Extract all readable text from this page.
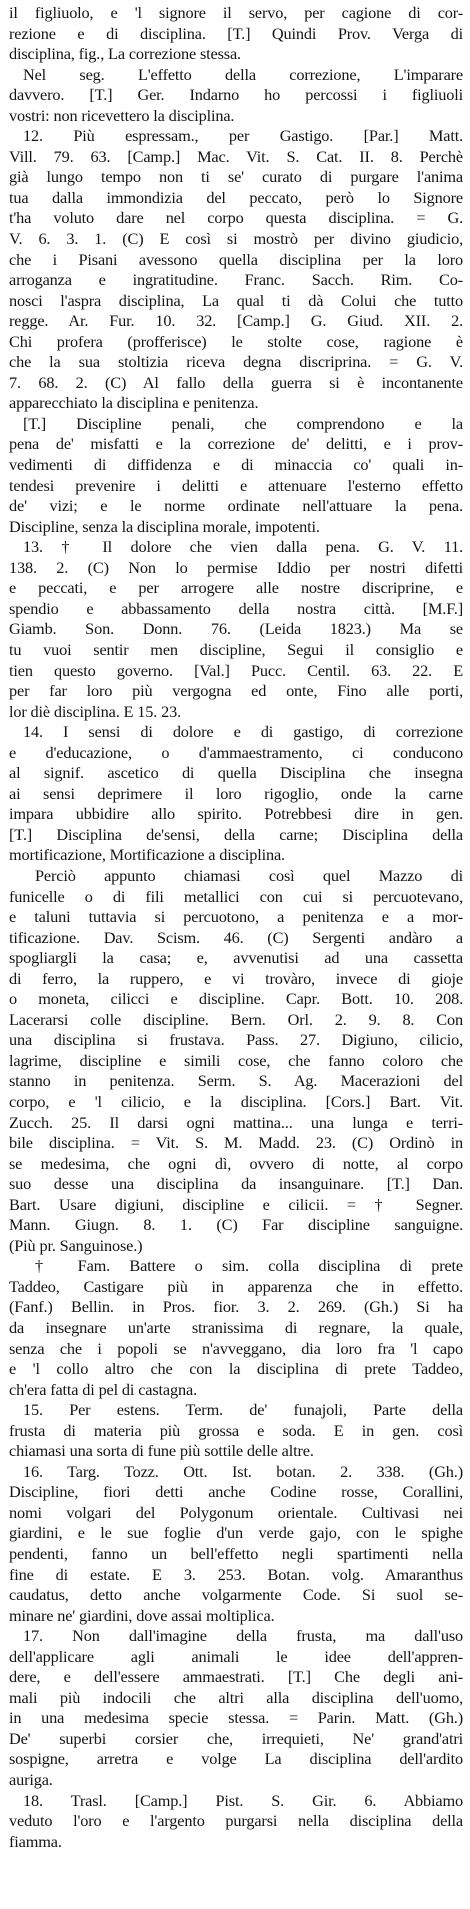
il figliuolo, e 'l signore il servo, per cagione di cor-
rezione e di disciplina. [T.] Quindi Prov. Verga di
disciplina, fig., La correzione stessa.
Nel seg. L'effetto della correzione, L'imparare
davvero. [T.] Ger. Indarno ho percossi i figliuoli
vostri: non ricevettero la disciplina.
12. Più espressam., per Gastigo. [Par.] Matt.
Vill. 79. 63. [Camp.] Mac. Vit. S. Cat. II. 8. Perchè
già lungo tempo non ti se' curato di purgare l'anima
tua dalla immondizia del peccato, però lo Signore
t'ha voluto dare nel corpo questa disciplina. = G.
V. 6. 3. 1. (C) E così si mostrò per divino giudicio,
che i Pisani avessono quella disciplina per la loro
arroganza e ingratitudine. Franc. Sacch. Rim. Co-
nosci l'aspra disciplina, La qual ti dà Colui che tutto
regge. Ar. Fur. 10. 32. [Camp.] G. Giud. XII. 2.
Chi profera (profferisce) le stolte cose, ragione è
che la sua stoltizia riceva degna discriprina. = G. V.
7. 68. 2. (C) Al fallo della guerra si è incontanente
apparecchiato la disciplina e penitenza.
[T.] Discipline penali, che comprendono e la
pena de' misfatti e la correzione de' delitti, e i prov-
vedimenti di diffidenza e di minaccia co' quali in-
tendesi prevenire i delitti e attenuare l'esterno effetto
de' vizi; e le norme ordinate nell'attuare la pena.
Discipline, senza la disciplina morale, impotenti.
13. † Il dolore che vien dalla pena. G. V. 11.
138. 2. (C) Non lo permise Iddio per nostri difetti
e peccati, e per arrogere alle nostre discriprine, e
spendio e abbassamento della nostra città. [M.F.]
Giamb. Son. Donn. 76. (Leida 1823.) Ma se
tu vuoi sentir men discipline, Segui il consiglio e
tien questo governo. [Val.] Pucc. Centil. 63. 22. E
per far loro più vergogna ed onte, Fino alle porti,
lor diè disciplina. E 15. 23.
14. I sensi di dolore e di gastigo, di correzione
e d'educazione, o d'ammaestramento, ci conducono
al signif. ascetico di quella Disciplina che insegna
ai sensi deprimere il loro rigoglio, onde la carne
impara ubbidire allo spirito. Potrebbesi dire in gen.
[T.] Disciplina de'sensi, della carne; Disciplina della
mortificazione, Mortificazione a disciplina.
Perciò appunto chiamasi così quel Mazzo di
funicelle o di fili metallici con cui si percuotevano,
e taluni tuttavia si percuotono, a penitenza e a mor-
tificazione. Dav. Scism. 46. (C) Sergenti andàro a
spogliargli la casa; e, avvenutisi ad una cassetta
di ferro, la ruppero, e vi trovàro, invece di gioje
o moneta, cilicci e discipline. Capr. Bott. 10. 208.
Lacerarsi colle discipline. Bern. Orl. 2. 9. 8. Con
una disciplina si frustava. Pass. 27. Digiuno, cilicio,
lagrime, discipline e simili cose, che fanno coloro che
stanno in penitenza. Serm. S. Ag. Macerazioni del
corpo, e 'l cilicio, e la disciplina. [Cors.] Bart. Vit.
Zucch. 25. Il darsi ogni mattina... una lunga e terri-
bile disciplina. = Vit. S. M. Madd. 23. (C) Ordinò in
se medesima, che ogni dì, ovvero di notte, al corpo
suo desse una disciplina da insanguinare. [T.] Dan.
Bart. Usare digiuni, discipline e cilicii. = † Segner.
Mann. Giugn. 8. 1. (C) Far discipline sanguigne.
(Più pr. Sanguinose.)
† Fam. Battere o sim. colla disciplina di prete
Taddeo, Castigare più in apparenza che in effetto.
(Fanf.) Bellin. in Pros. fior. 3. 2. 269. (Gh.) Si ha
da insegnare un'arte stranissima di regnare, la quale,
senza che i popoli se n'avveggano, dia loro fra 'l capo
e 'l collo altro che con la disciplina di prete Taddeo,
ch'era fatta di pel di castagna.
15. Per estens. Term. de' funajoli, Parte della
frusta di materia più grossa e soda. E in gen. così
chiamasi una sorta di fune più sottile delle altre.
16. Targ. Tozz. Ott. Ist. botan. 2. 338. (Gh.)
Discipline, fiori detti anche Codine rosse, Corallini,
nomi volgari del Polygonum orientale. Cultivasi nei
giardini, e le sue foglie d'un verde gajo, con le spighe
pendenti, fanno un bell'effetto negli spartimenti nella
fine di estate. E 3. 253. Botan. volg. Amaranthus
caudatus, detto anche volgarmente Code. Si suol se-
minare ne' giardini, dove assai moltiplica.
17. Non dall'imagine della frusta, ma dall'uso
dell'applicare agli animali le idee dell'appren-
dere, e dell'essere ammaestrati. [T.] Che degli ani-
mali più indocili che altri alla disciplina dell'uomo,
in una medesima specie stessa. = Parin. Matt. (Gh.)
De' superbi corsier che, irrequieti, Ne' grand'atri
sospigne, arretra e volge La disciplina dell'ardito
auriga.
18. Trasl. [Camp.] Pist. S. Gir. 6. Abbiamo
veduto l'oro e l'argento purgarsi nella disciplina della
fiamma.
